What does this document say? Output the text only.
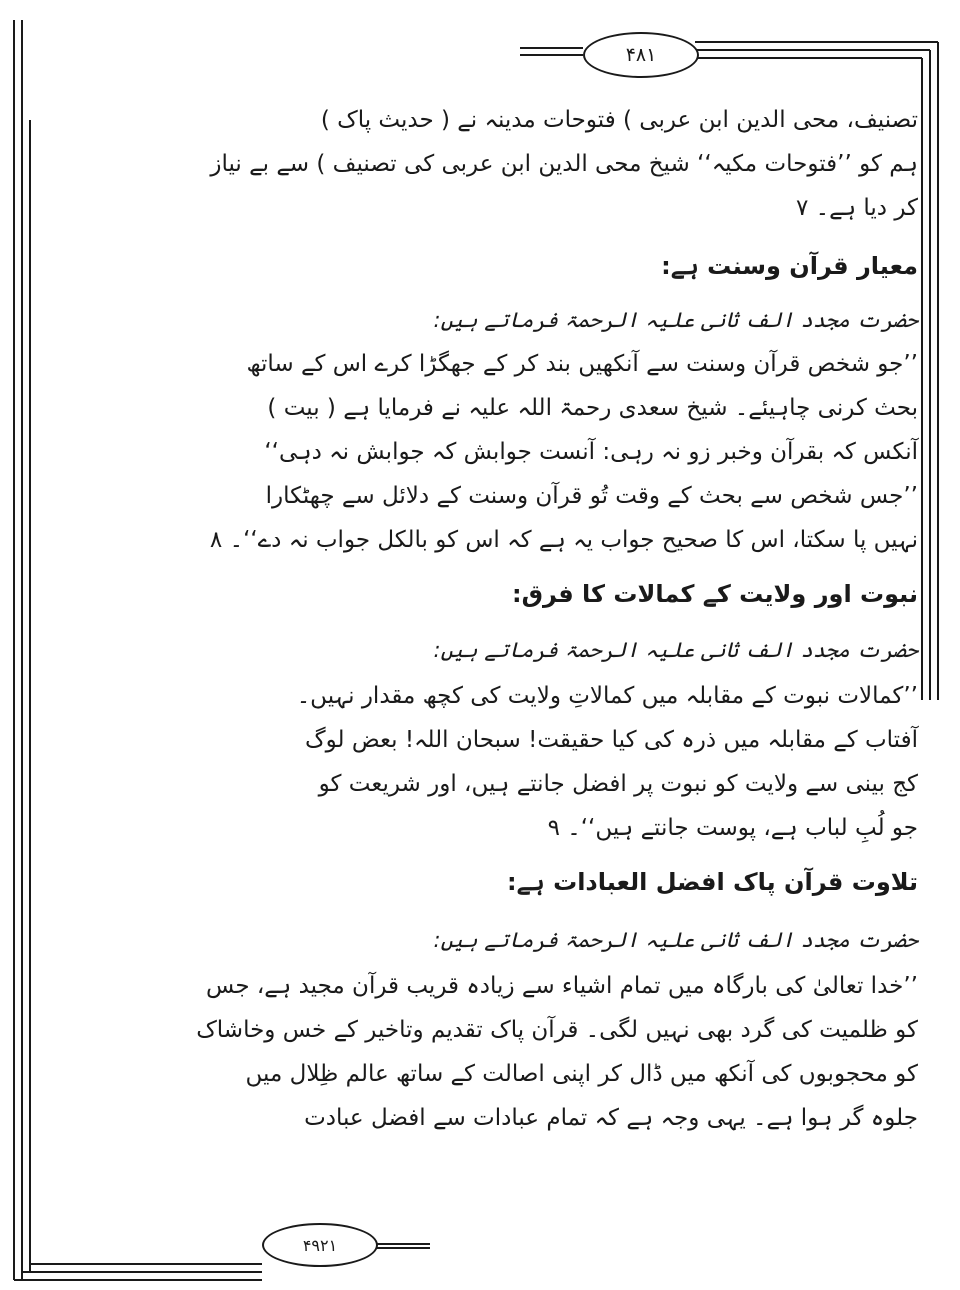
۴۸۱
تصنیف، محی الدین ابن عربی ) فتوحات مدینہ نے ( حدیث پاک )
ہم کو ’’فتوحات مکیہ‘‘ شیخ محی الدین ابن عربی کی تصنیف ) سے بے نیاز
کر دیا ہے۔ ۷
معیار قرآن وسنت ہے:
حضرت مجدد الف ثانی علیہ الرحمۃ فرماتے ہیں:
’’جو شخص قرآن وسنت سے آنکھیں بند کر کے جھگڑا کرے اس کے ساتھ
بحث کرنی چاہیئے۔ شیخ سعدی رحمۃ اللہ علیہ نے فرمایا ہے ( بیت )
آنکس کہ بقرآن وخبر زو نہ رہی: آنست جوابش کہ جوابش نہ دہی‘‘
’’جس شخص سے بحث کے وقت تُو قرآن وسنت کے دلائل سے چھٹکارا
نہیں پا سکتا، اس کا صحیح جواب یہ ہے کہ اس کو بالکل جواب نہ دے‘‘۔ ۸
نبوت اور ولایت کے کمالات کا فرق:
حضرت مجدد الف ثانی علیہ الرحمۃ فرماتے ہیں:
’’کمالات نبوت کے مقابلہ میں کمالاتِ ولایت کی کچھ مقدار نہیں۔
آفتاب کے مقابلہ میں ذرہ کی کیا حقیقت! سبحان اللہ! بعض لوگ
کج بینی سے ولایت کو نبوت پر افضل جانتے ہیں، اور شریعت کو
جو لُبِ لباب ہے، پوست جانتے ہیں‘‘۔ ۹
تلاوت قرآن پاک افضل العبادات ہے:
حضرت مجدد الف ثانی علیہ الرحمۃ فرماتے ہیں:
’’خدا تعالیٰ کی بارگاہ میں تمام اشیاء سے زیادہ قریب قرآن مجید ہے، جس
کو ظلمیت کی گرد بھی نہیں لگی۔ قرآن پاک تقدیم وتاخیر کے خس وخاشاک
کو محجوبوں کی آنکھ میں ڈال کر اپنی اصالت کے ساتھ عالم ظِلال میں
جلوہ گر ہوا ہے۔ یہی وجہ ہے کہ تمام عبادات سے افضل عبادت
۴۹۲۱
